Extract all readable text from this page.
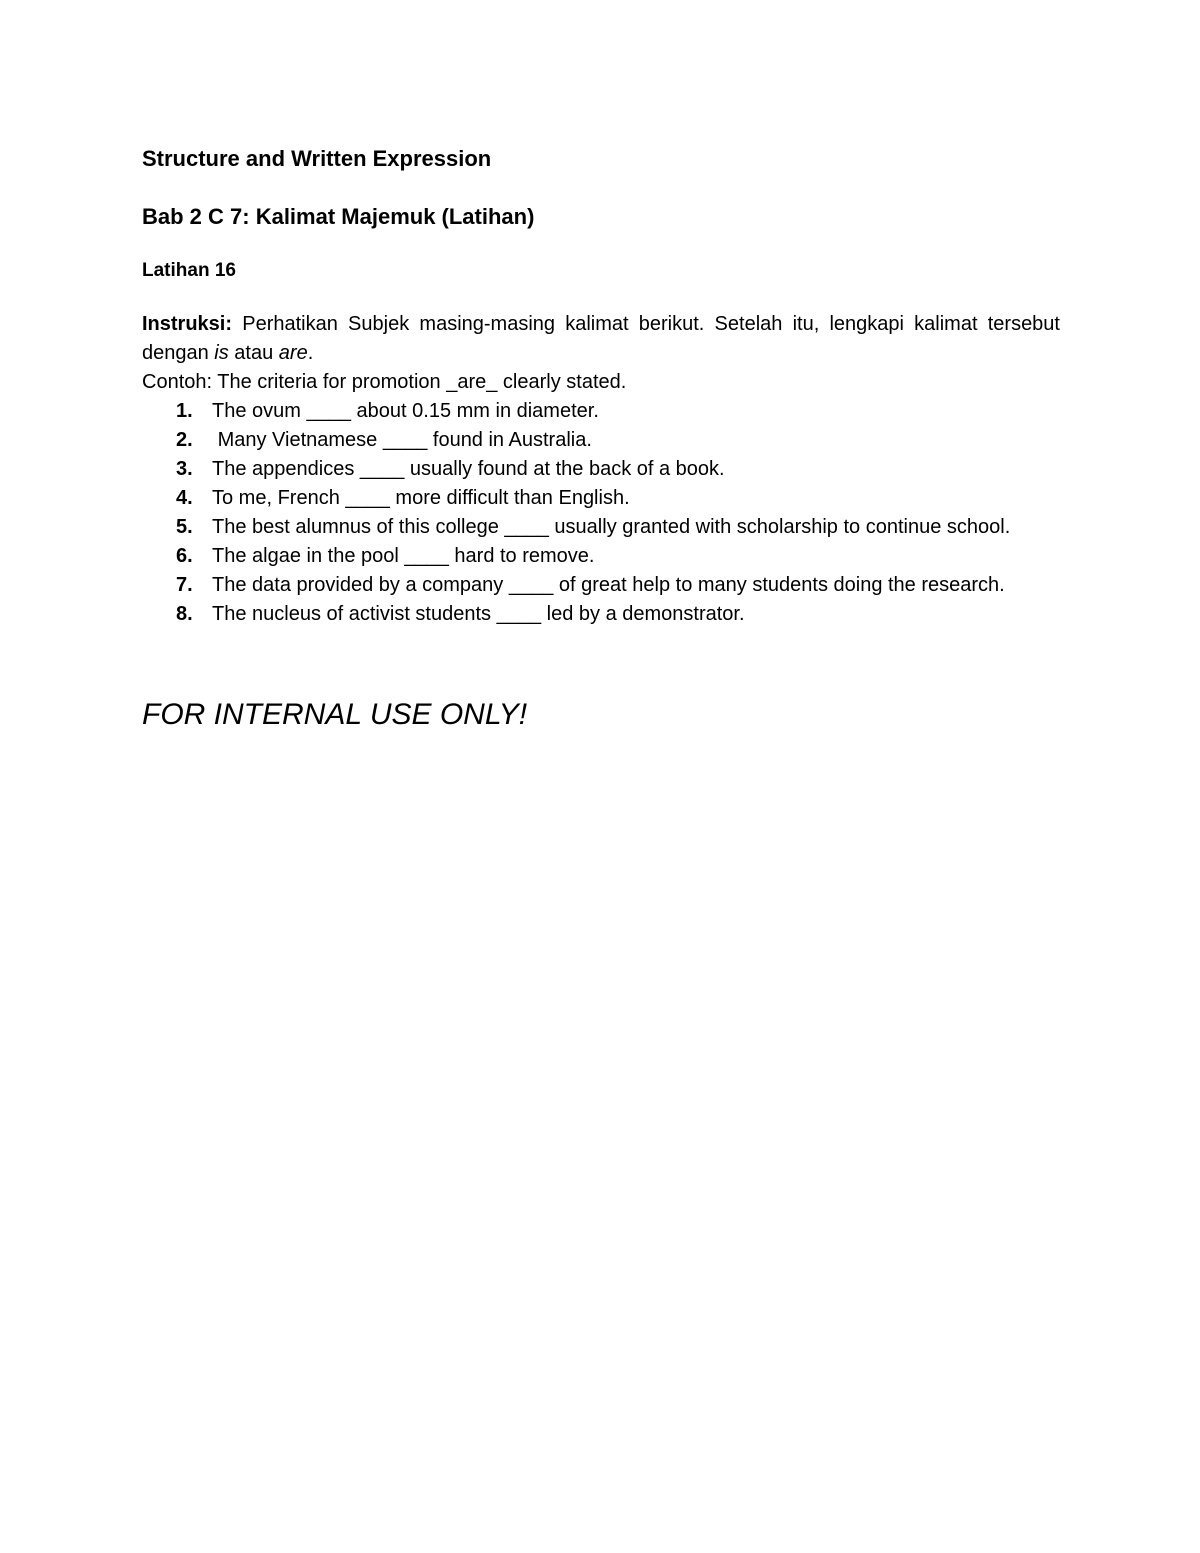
Structure and Written Expression
Bab 2 C 7: Kalimat Majemuk (Latihan)
Latihan 16

Instruksi: Perhatikan Subjek masing-masing kalimat berikut. Setelah itu, lengkapi kalimat tersebut dengan is atau are.

Contoh: The criteria for promotion _are_ clearly stated.

1. The ovum ____ about 0.15 mm in diameter.
2. Many Vietnamese ____ found in Australia.
3. The appendices ____ usually found at the back of a book.
4. To me, French ____ more difficult than English.
5. The best alumnus of this college ____ usually granted with scholarship to continue school.
6. The algae in the pool ____ hard to remove.
7. The data provided by a company ____ of great help to many students doing the research.
8. The nucleus of activist students ____ led by a demonstrator.

FOR INTERNAL USE ONLY!
